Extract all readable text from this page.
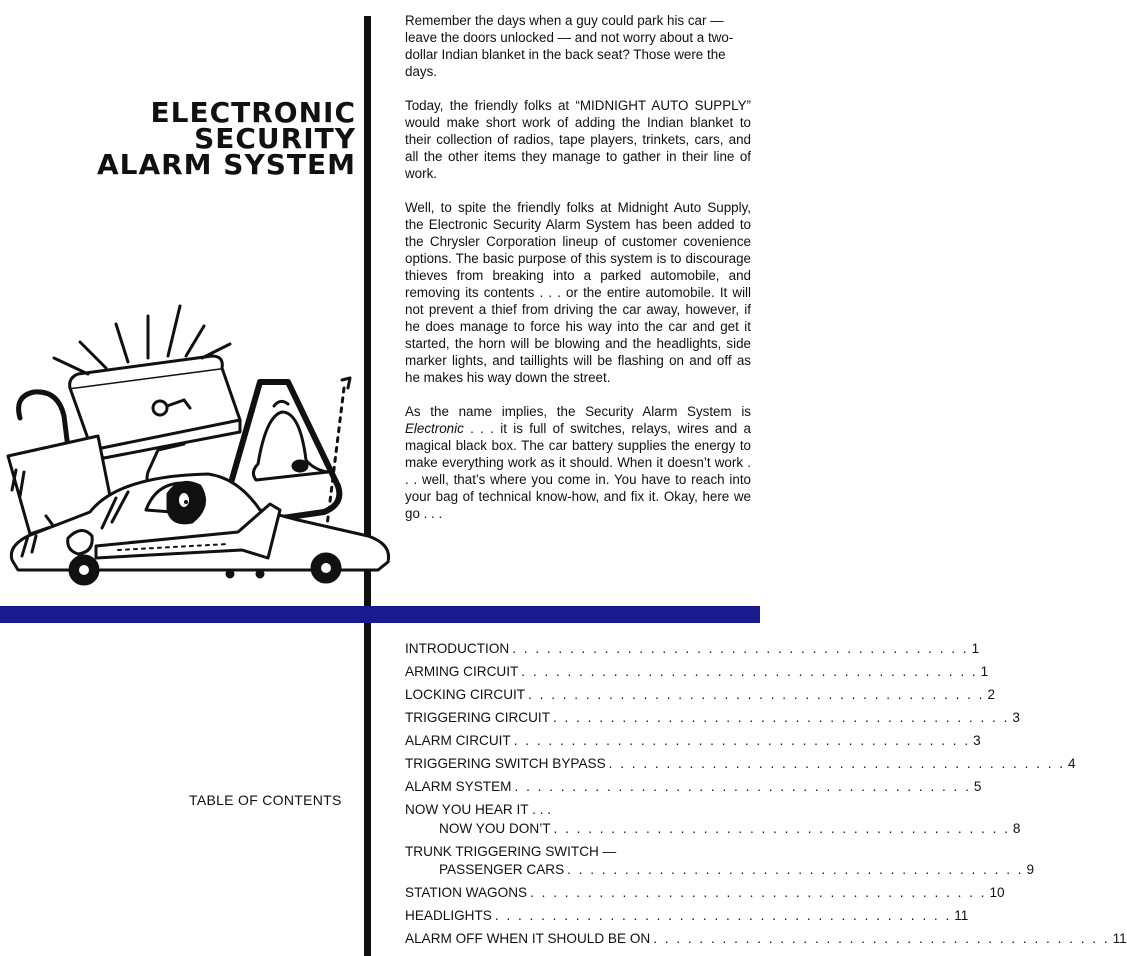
ELECTRONIC
SECURITY
ALARM SYSTEM

Remember the days when a guy could park his car — leave the doors unlocked — and not worry about a two-dollar Indian blanket in the back seat? Those were the days.

Today, the friendly folks at “MIDNIGHT AUTO SUPPLY” would make short work of adding the Indian blanket to their collection of radios, tape players, trinkets, cars, and all the other items they manage to gather in their line of work.

Well, to spite the friendly folks at Midnight Auto Supply, the Electronic Security Alarm System has been added to the Chrysler Corporation lineup of customer covenience options. The basic purpose of this system is to discourage thieves from breaking into a parked automobile, and removing its contents . . . or the entire automobile. It will not prevent a thief from driving the car away, however, if he does manage to force his way into the car and get it started, the horn will be blowing and the headlights, side marker lights, and taillights will be flashing on and off as he makes his way down the street.

As the name implies, the Security Alarm System is Electronic . . . it is full of switches, relays, wires and a magical black box. The car battery supplies the energy to make everything work as it should. When it doesn’t work . . . well, that’s where you come in. You have to reach into your bag of technical know-how, and fix it. Okay, here we go . . .

TABLE OF CONTENTS
INTRODUCTION . . . . . . . . . . . . . . . . . . . . . . . . . . . . . . . . . . . . . . . . 1
ARMING CIRCUIT . . . . . . . . . . . . . . . . . . . . . . . . . . . . . . . . . . . . . . . . 1
LOCKING CIRCUIT . . . . . . . . . . . . . . . . . . . . . . . . . . . . . . . . . . . . . . . . 2
TRIGGERING CIRCUIT . . . . . . . . . . . . . . . . . . . . . . . . . . . . . . . . . . . . . . . . 3
ALARM CIRCUIT . . . . . . . . . . . . . . . . . . . . . . . . . . . . . . . . . . . . . . . . 3
TRIGGERING SWITCH BYPASS . . . . . . . . . . . . . . . . . . . . . . . . . . . . . . . . . . . . . . . . 4
ALARM SYSTEM . . . . . . . . . . . . . . . . . . . . . . . . . . . . . . . . . . . . . . . . 5
NOW YOU HEAR IT . . .
NOW YOU DON’T . . . . . . . . . . . . . . . . . . . . . . . . . . . . . . . . . . . . . . . . 8
TRUNK TRIGGERING SWITCH —
PASSENGER CARS . . . . . . . . . . . . . . . . . . . . . . . . . . . . . . . . . . . . . . . . 9
STATION WAGONS . . . . . . . . . . . . . . . . . . . . . . . . . . . . . . . . . . . . . . . . 10
HEADLIGHTS . . . . . . . . . . . . . . . . . . . . . . . . . . . . . . . . . . . . . . . . 11
ALARM OFF WHEN IT SHOULD BE ON . . . . . . . . . . . . . . . . . . . . . . . . . . . . . . . . . . . . . . . . 11
